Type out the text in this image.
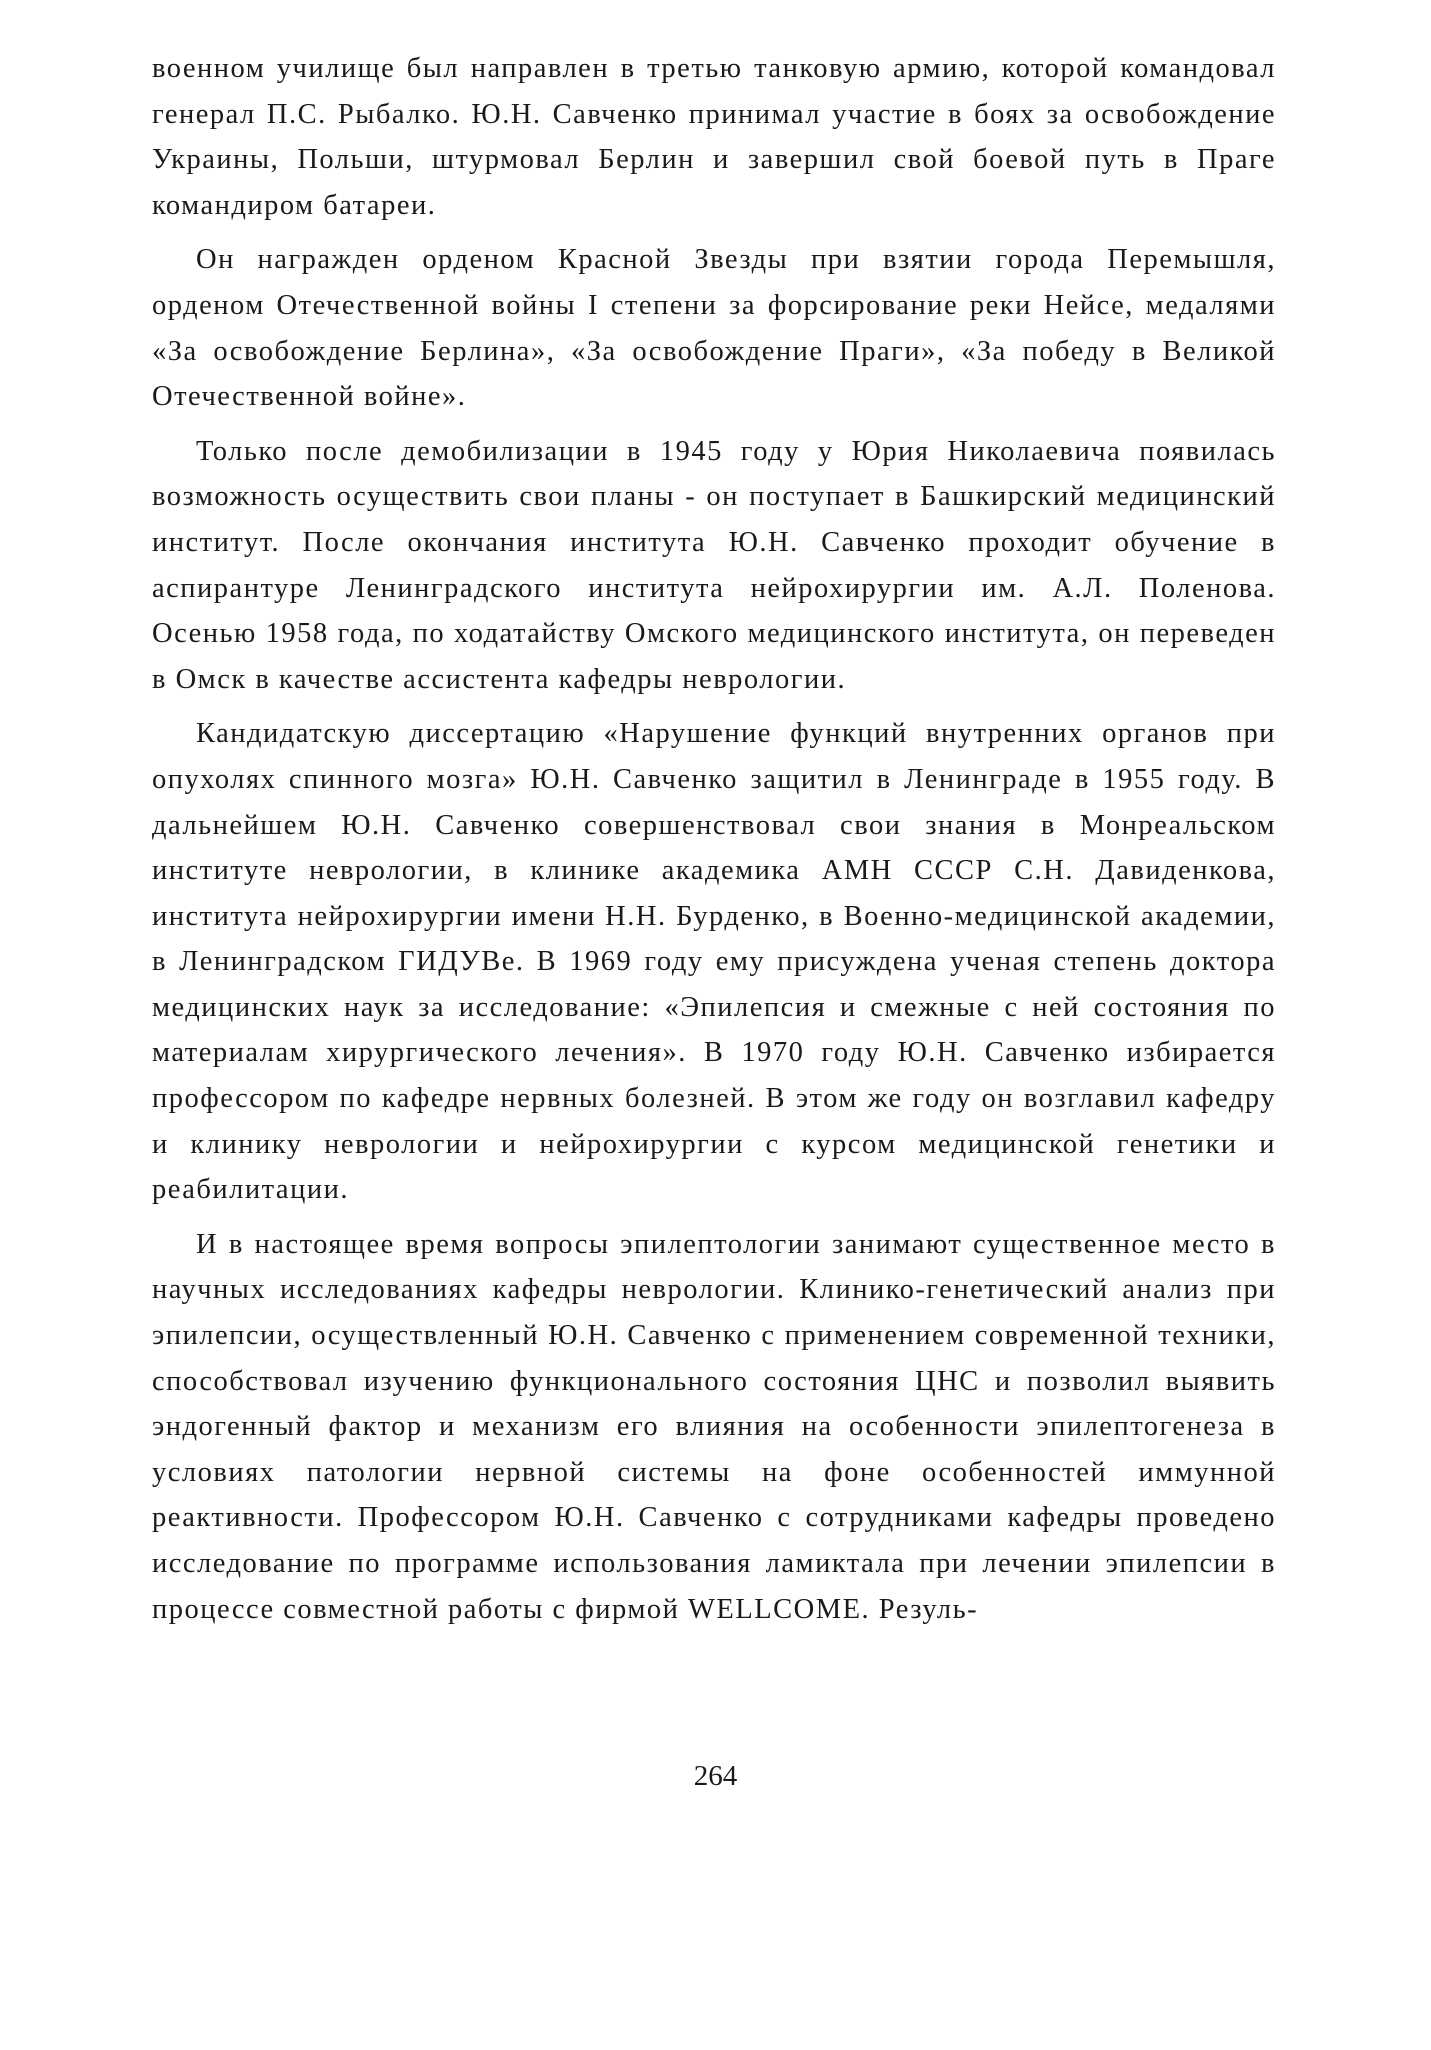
военном училище был направлен в третью танковую армию, которой командовал генерал П.С. Рыбалко. Ю.Н. Савченко принимал участие в боях за освобождение Украины, Польши, штурмовал Берлин и завершил свой боевой путь в Праге командиром батареи.

Он награжден орденом Красной Звезды при взятии города Перемышля, орденом Отечественной войны I степени за форсирование реки Нейсе, медалями «За освобождение Берлина», «За освобождение Праги», «За победу в Великой Отечественной войне».

Только после демобилизации в 1945 году у Юрия Николаевича появилась возможность осуществить свои планы - он поступает в Башкирский медицинский институт. После окончания института Ю.Н. Савченко проходит обучение в аспирантуре Ленинградского института нейрохирургии им. А.Л. Поленова. Осенью 1958 года, по ходатайству Омского медицинского института, он переведен в Омск в качестве ассистента кафедры неврологии.

Кандидатскую диссертацию «Нарушение функций внутренних органов при опухолях спинного мозга» Ю.Н. Савченко защитил в Ленинграде в 1955 году. В дальнейшем Ю.Н. Савченко совершенствовал свои знания в Монреальском институте неврологии, в клинике академика АМН СССР С.Н. Давиденкова, института нейрохирургии имени Н.Н. Бурденко, в Военно-медицинской академии, в Ленинградском ГИДУВе. В 1969 году ему присуждена ученая степень доктора медицинских наук за исследование: «Эпилепсия и смежные с ней состояния по материалам хирургического лечения». В 1970 году Ю.Н. Савченко избирается профессором по кафедре нервных болезней. В этом же году он возглавил кафедру и клинику неврологии и нейрохирургии с курсом медицинской генетики и реабилитации.

И в настоящее время вопросы эпилептологии занимают существенное место в научных исследованиях кафедры неврологии. Клинико-генетический анализ при эпилепсии, осуществленный Ю.Н. Савченко с применением современной техники, способствовал изучению функционального состояния ЦНС и позволил выявить эндогенный фактор и механизм его влияния на особенности эпилептогенеза в условиях патологии нервной системы на фоне особенностей иммунной реактивности. Профессором Ю.Н. Савченко с сотрудниками кафедры проведено исследование по программе использования ламиктала при лечении эпилепсии в процессе совместной работы с фирмой WELLCOME. Резуль-

264
